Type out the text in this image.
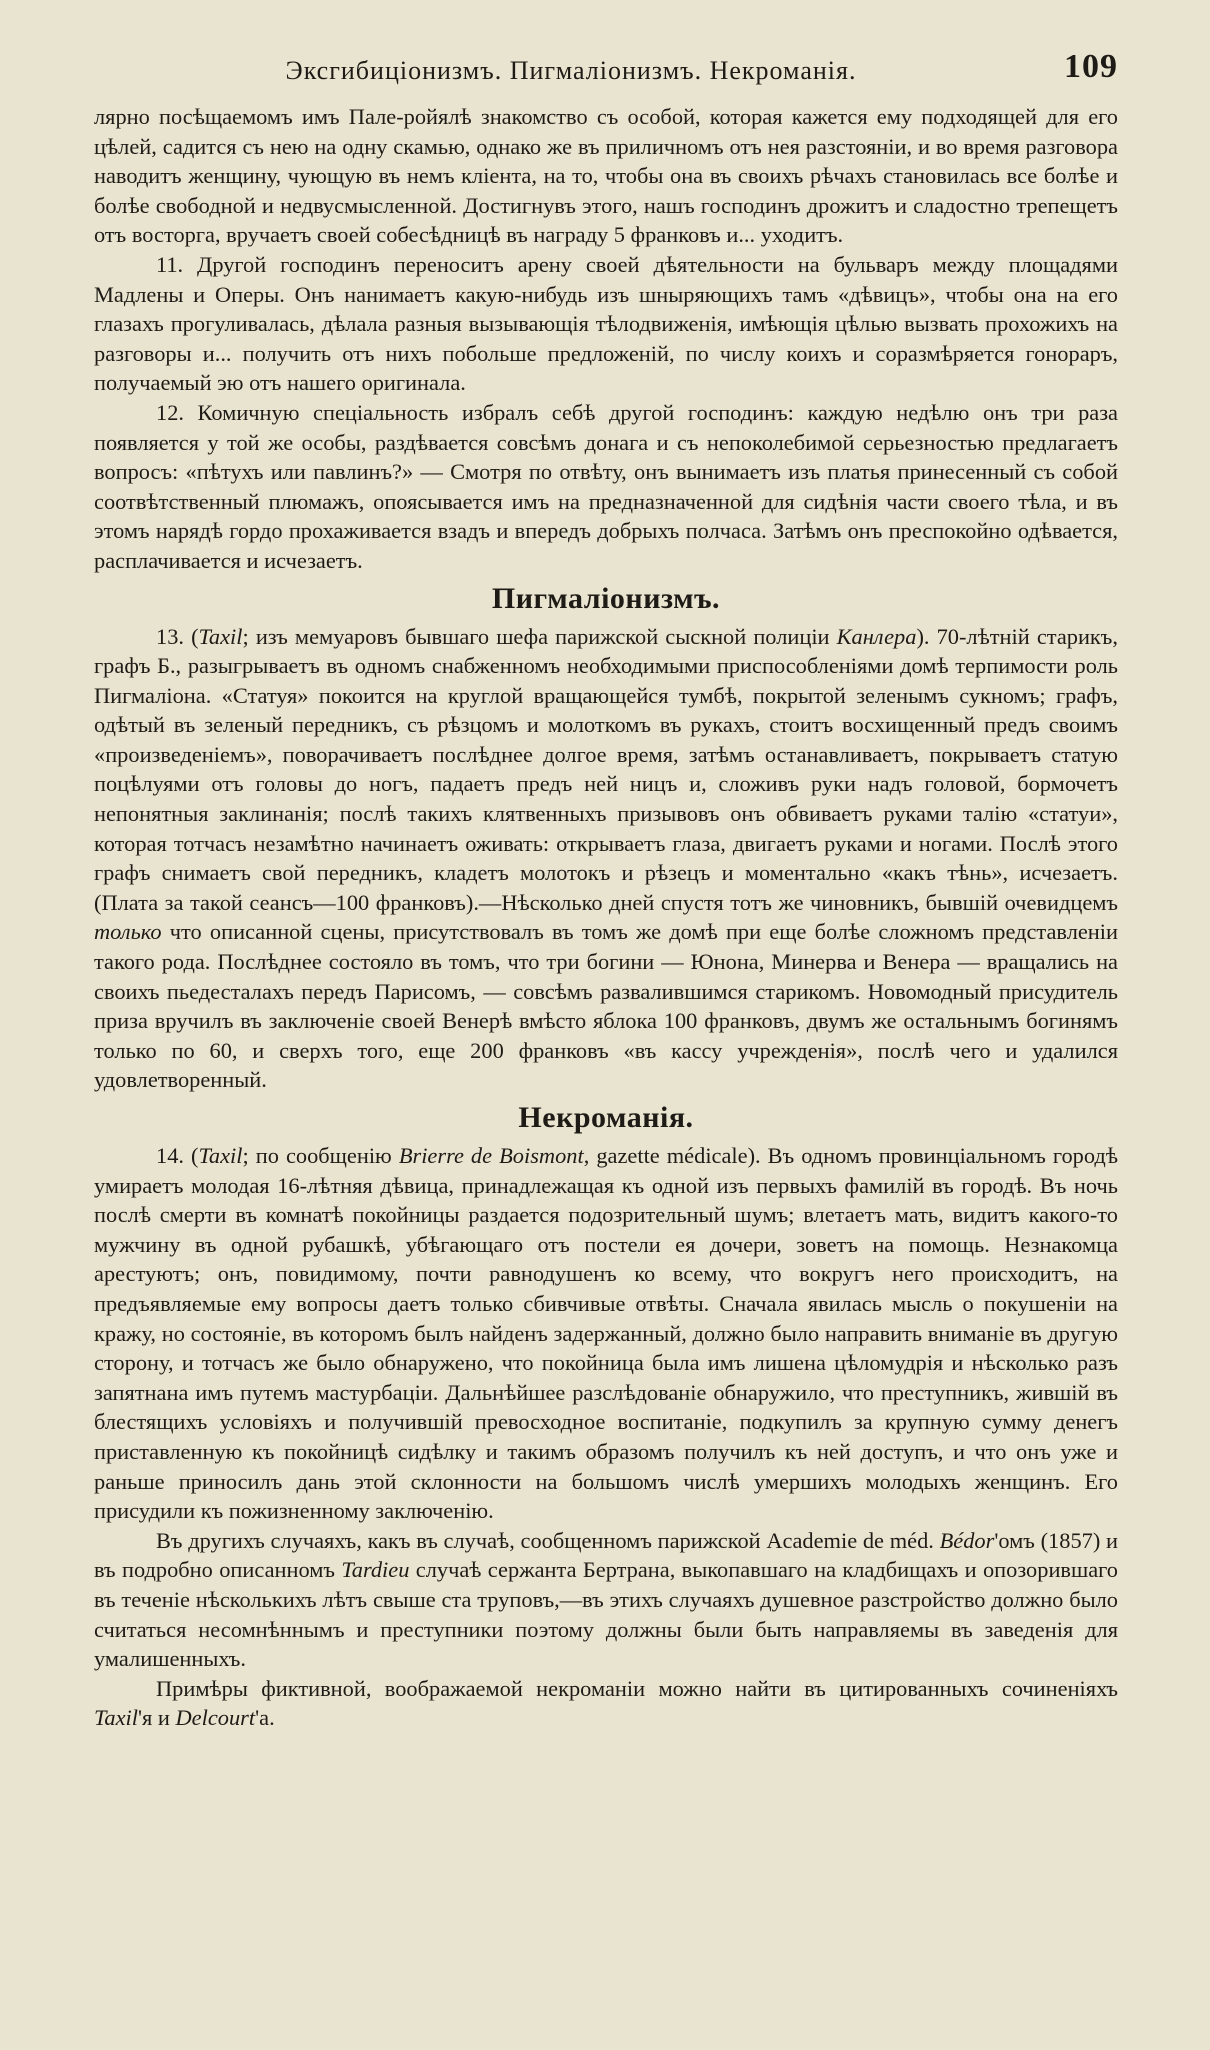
Эксгибиціонизмъ. Пигмаліонизмъ. Некроманія.	109

лярно посѣщаемомъ имъ Пале-ройялѣ знакомство съ особой, которая кажется ему подходящей для его цѣлей, садится съ нею на одну скамью, однако же въ приличномъ отъ нея разстояніи, и во время разговора наводитъ женщину, чующую въ немъ кліента, на то, чтобы она въ своихъ рѣчахъ становилась все болѣе и болѣе свободной и недвусмысленной. Достигнувъ этого, нашъ господинъ дрожитъ и сладостно трепещетъ отъ восторга, вручаетъ своей собесѣдницѣ въ награду 5 франковъ и... уходитъ.

11. Другой господинъ переноситъ арену своей дѣятельности на бульваръ между площадями Мадлены и Оперы. Онъ нанимаетъ какую-нибудь изъ шныряющихъ тамъ «дѣвицъ», чтобы она на его глазахъ прогуливалась, дѣлала разныя вызывающія тѣлодвиженія, имѣющія цѣлью вызвать прохожихъ на разговоры и... получить отъ нихъ побольше предложеній, по числу коихъ и соразмѣряется гонораръ, получаемый эю отъ нашего оригинала.

12. Комичную спеціальность избралъ себѣ другой господинъ: каждую недѣлю онъ три раза появляется у той же особы, раздѣвается совсѣмъ донага и съ непоколебимой серьезностью предлагаетъ вопросъ: «пѣтухъ или павлинъ?» — Смотря по отвѣту, онъ вынимаетъ изъ платья принесенный съ собой соотвѣтственный плюмажъ, опоясывается имъ на предназначенной для сидѣнія части своего тѣла, и въ этомъ нарядѣ гордо прохаживается взадъ и впередъ добрыхъ полчаса. Затѣмъ онъ преспокойно одѣвается, расплачивается и исчезаетъ.

Пигмаліонизмъ.

13. (Taxil; изъ мемуаровъ бывшаго шефа парижской сыскной полиціи Канлера). 70-лѣтній старикъ, графъ Б., разыгрываетъ въ одномъ снабженномъ необходимыми приспособленіями домѣ терпимости роль Пигмаліона. «Статуя» покоится на круглой вращающейся тумбѣ, покрытой зеленымъ сукномъ; графъ, одѣтый въ зеленый передникъ, съ рѣзцомъ и молоткомъ въ рукахъ, стоитъ восхищенный предъ своимъ «произведеніемъ», поворачиваетъ послѣднее долгое время, затѣмъ останавливаетъ, покрываетъ статую поцѣлуями отъ головы до ногъ, падаетъ предъ ней ницъ и, сложивъ руки надъ головой, бормочетъ непонятныя заклинанія; послѣ такихъ клятвенныхъ призывовъ онъ обвиваетъ руками талію «статуи», которая тотчасъ незамѣтно начинаетъ оживать: открываетъ глаза, двигаетъ руками и ногами. Послѣ этого графъ снимаетъ свой передникъ, кладетъ молотокъ и рѣзецъ и моментально «какъ тѣнь», исчезаетъ. (Плата за такой сеансъ—100 франковъ).—Нѣсколько дней спустя тотъ же чиновникъ, бывшій очевидцемъ только что описанной сцены, присутствовалъ въ томъ же домѣ при еще болѣе сложномъ представленіи такого рода. Послѣднее состояло въ томъ, что три богини — Юнона, Минерва и Венера — вращались на своихъ пьедесталахъ передъ Парисомъ, — совсѣмъ развалившимся старикомъ. Новомодный присудитель приза вручилъ въ заключеніе своей Венерѣ вмѣсто яблока 100 франковъ, двумъ же остальнымъ богинямъ только по 60, и сверхъ того, еще 200 франковъ «въ кассу учрежденія», послѣ чего и удалился удовлетворенный.

Некроманія.

14. (Taxil; по сообщенію Brierre de Boismont, gazette médicale). Въ одномъ провинціальномъ городѣ умираетъ молодая 16-лѣтняя дѣвица, принадлежащая къ одной изъ первыхъ фамилій въ городѣ. Въ ночь послѣ смерти въ комнатѣ покойницы раздается подозрительный шумъ; влетаетъ мать, видитъ какого-то мужчину въ одной рубашкѣ, убѣгающаго отъ постели ея дочери, зоветъ на помощь. Незнакомца арестуютъ; онъ, повидимому, почти равнодушенъ ко всему, что вокругъ него происходитъ, на предъявляемые ему вопросы даетъ только сбивчивые отвѣты. Сначала явилась мысль о покушеніи на кражу, но состояніе, въ которомъ былъ найденъ задержанный, должно было направить вниманіе въ другую сторону, и тотчасъ же было обнаружено, что покойница была имъ лишена цѣломудрія и нѣсколько разъ запятнана имъ путемъ мастурбаціи. Дальнѣйшее разслѣдованіе обнаружило, что преступникъ, жившій въ блестящихъ условіяхъ и получившій превосходное воспитаніе, подкупилъ за крупную сумму денегъ приставленную къ покойницѣ сидѣлку и такимъ образомъ получилъ къ ней доступъ, и что онъ уже и раньше приносилъ дань этой склонности на большомъ числѣ умершихъ молодыхъ женщинъ. Его присудили къ пожизненному заключенію.

Въ другихъ случаяхъ, какъ въ случаѣ, сообщенномъ парижской Academie de méd. Bédor'омъ (1857) и въ подробно описанномъ Tardieu случаѣ сержанта Бертрана, выкопавшаго на кладбищахъ и опозорившаго въ теченіе нѣсколькихъ лѣтъ свыше ста труповъ,—въ этихъ случаяхъ душевное разстройство должно было считаться несомнѣннымъ и преступники поэтому должны были быть направляемы въ заведенія для умалишенныхъ.

Примѣры фиктивной, воображаемой некроманіи можно найти въ цитированныхъ сочиненіяхъ Taxil'я и Delcourt'a.
